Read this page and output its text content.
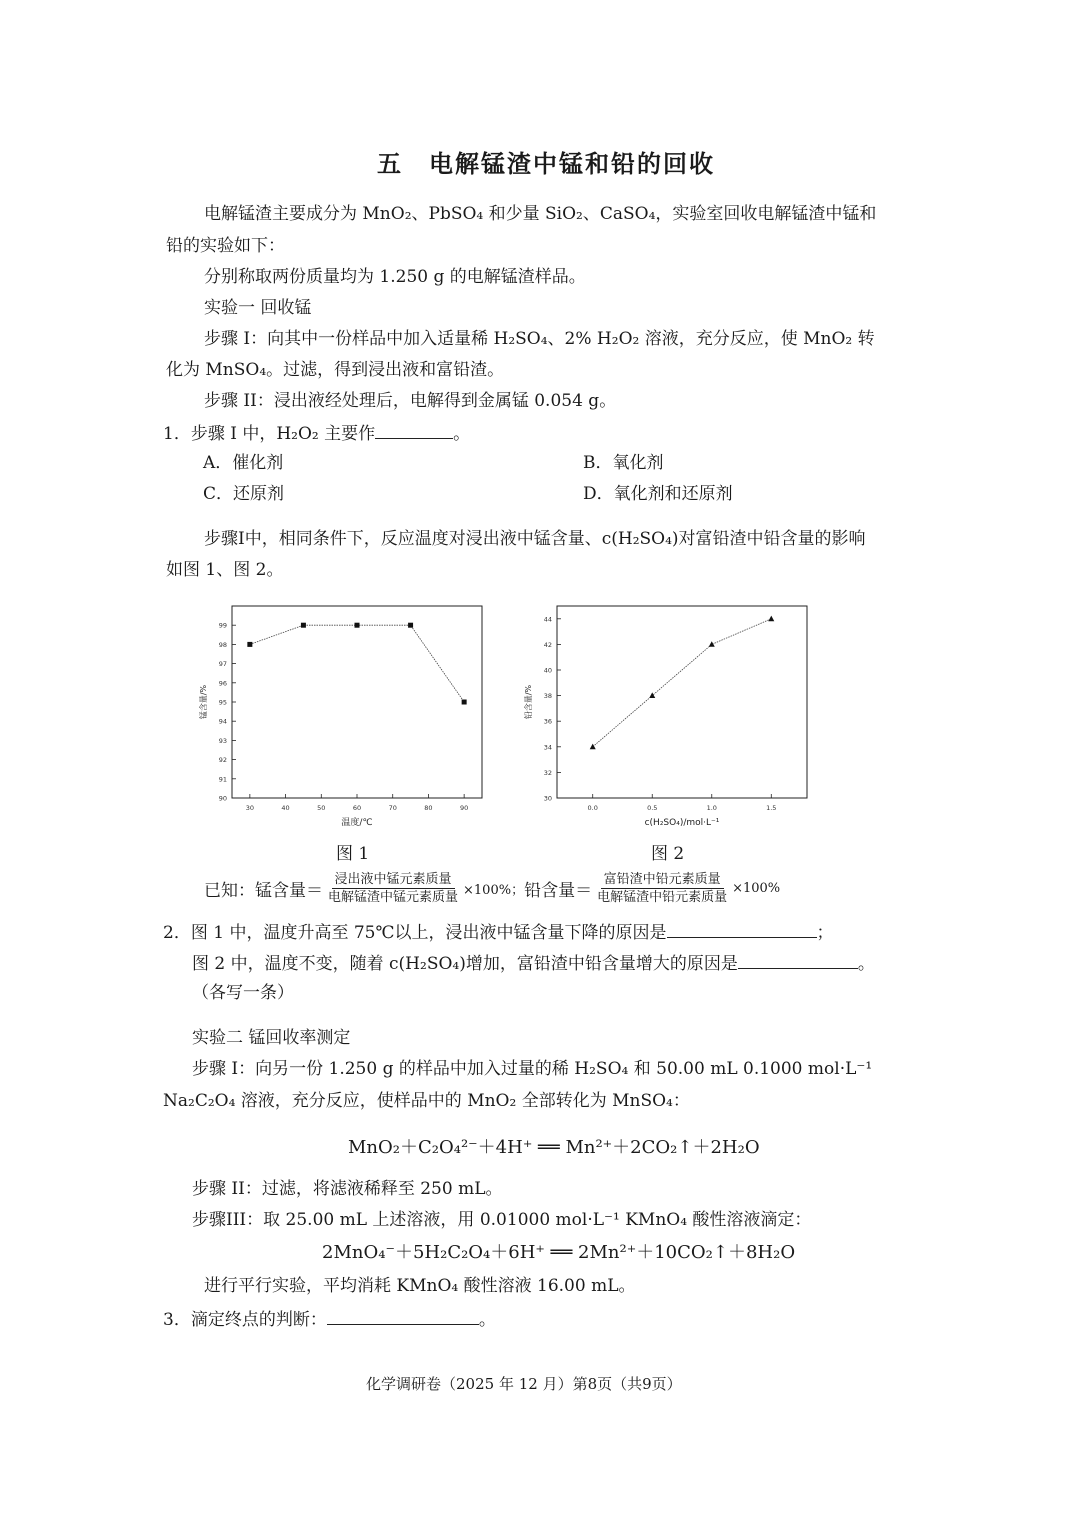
五　电解锰渣中锰和铅的回收
电解锰渣主要成分为 MnO₂、PbSO₄ 和少量 SiO₂、CaSO₄，实验室回收电解锰渣中锰和
铅的实验如下：
分别称取两份质量均为 1.250 g 的电解锰渣样品。
实验一 回收锰
步骤 I：向其中一份样品中加入适量稀 H₂SO₄、2% H₂O₂ 溶液，充分反应，使 MnO₂ 转
化为 MnSO₄。过滤，得到浸出液和富铅渣。
步骤 II：浸出液经处理后，电解得到金属锰 0.054 g。
1．步骤 I 中，H₂O₂ 主要作	。
A．催化剂	B．氧化剂
C．还原剂	D．氧化剂和还原剂
步骤I中，相同条件下，反应温度对浸出液中锰含量、c(H₂SO₄)对富铅渣中铅含量的影响
如图 1、图 2。
90
91
92
93
94
95
96
97
98
99
30	40	50	60	70	80	90
温度/℃
锰含量/%
30
32
34
36
38
40
42
44
0.0	0.5	1.0	1.5
c(H₂SO₄)/mol·L⁻¹
铅含量/%
图 1	图 2
已知：锰含量＝ $\frac{\text{浸出液中锰元素质量}}{\text{电解锰渣中锰元素质量}} \times 100\%$； 铅含量＝ $\frac{\text{富铅渣中铅元素质量}}{\text{电解锰渣中铅元素质量}} \times 100\%$
2．图 1 中，温度升高至 75℃以上，浸出液中锰含量下降的原因是	；
图 2 中，温度不变，随着 c(H₂SO₄)增加，富铅渣中铅含量增大的原因是	。
（各写一条）
实验二 锰回收率测定
步骤 I：向另一份 1.250 g 的样品中加入过量的稀 H₂SO₄ 和 50.00 mL 0.1000 mol·L⁻¹
Na₂C₂O₄ 溶液，充分反应，使样品中的 MnO₂ 全部转化为 MnSO₄：
MnO₂＋C₂O₄²⁻＋4H⁺ ══ Mn²⁺＋2CO₂↑＋2H₂O
步骤 II：过滤，将滤液稀释至 250 mL。
步骤III：取 25.00 mL 上述溶液，用 0.01000 mol·L⁻¹ KMnO₄ 酸性溶液滴定：
2MnO₄⁻＋5H₂C₂O₄＋6H⁺ ══ 2Mn²⁺＋10CO₂↑＋8H₂O
进行平行实验，平均消耗 KMnO₄ 酸性溶液 16.00 mL。
3．滴定终点的判断：	。
化学调研卷（2025 年 12 月）第8页（共9页）
